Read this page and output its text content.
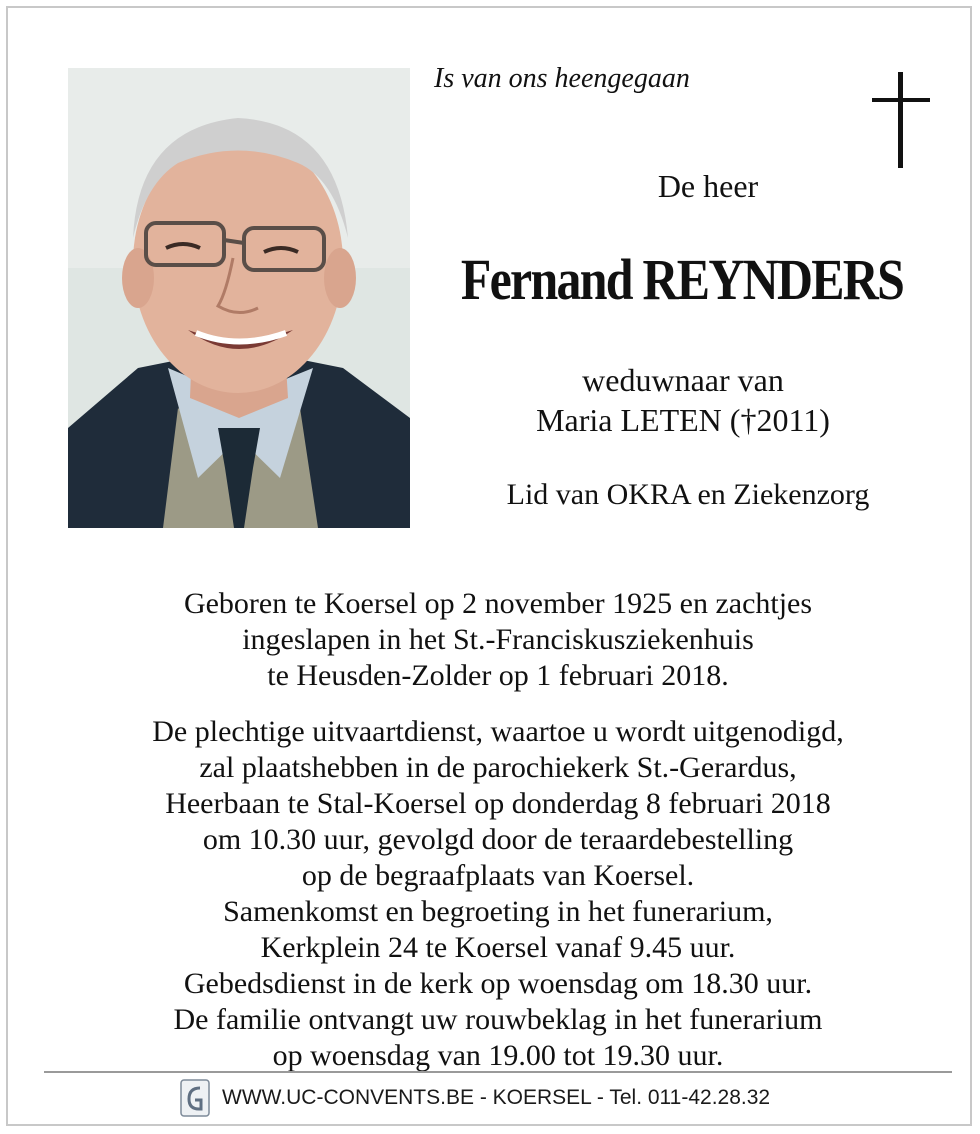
Is van ons heengegaan
De heer
Fernand REYNDERS
weduwnaar van
Maria LETEN (†2011)
Lid van OKRA en Ziekenzorg
Geboren te Koersel op 2 november 1925 en zachtjes
ingeslapen in het St.-Franciskusziekenhuis
te Heusden-Zolder op 1 februari 2018.
De plechtige uitvaartdienst, waartoe u wordt uitgenodigd,
zal plaatshebben in de parochiekerk St.-Gerardus,
Heerbaan te Stal-Koersel op donderdag 8 februari 2018
om 10.30 uur, gevolgd door de teraardebestelling
op de begraafplaats van Koersel.
Samenkomst en begroeting in het funerarium,
Kerkplein 24 te Koersel vanaf 9.45 uur.
Gebedsdienst in de kerk op woensdag om 18.30 uur.
De familie ontvangt uw rouwbeklag in het funerarium
op woensdag van 19.00 tot 19.30 uur.
WWW.UC-CONVENTS.BE - KOERSEL - Tel. 011-42.28.32
